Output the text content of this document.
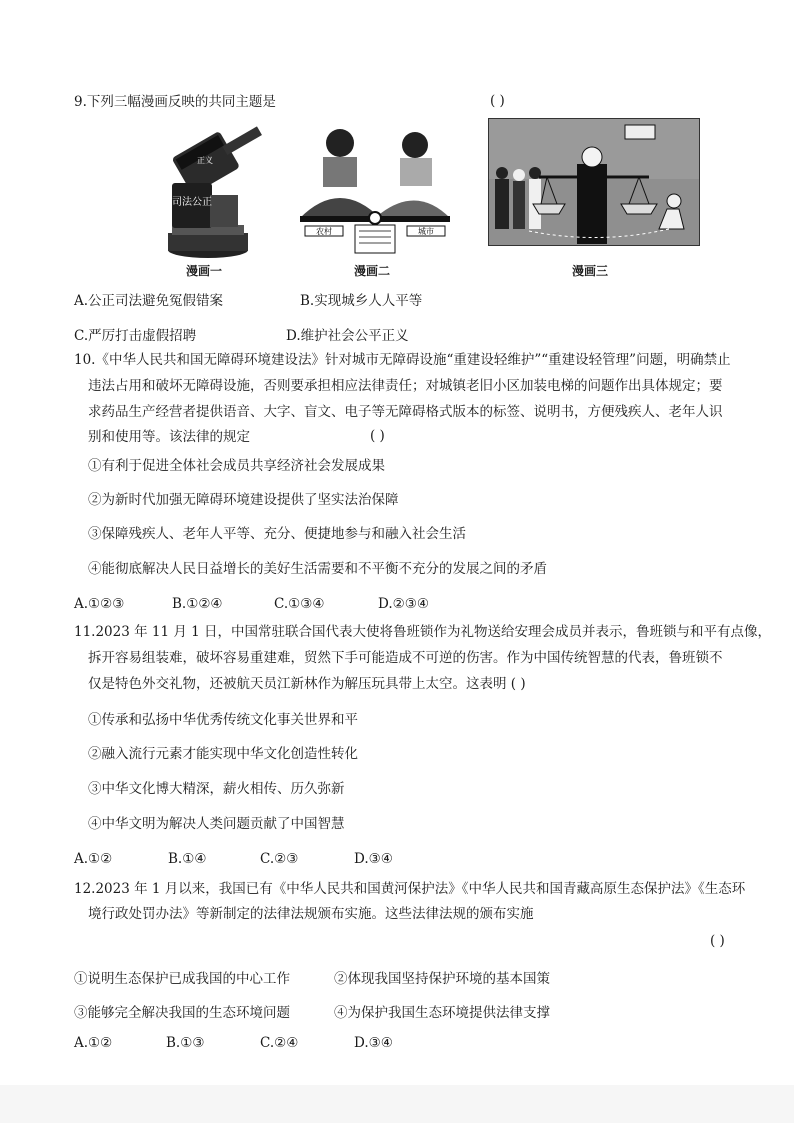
9.下列三幅漫画反映的共同主题是	( )
司法公正
正义
农村	城市
漫画一	漫画二	漫画三
A.公正司法避免冤假错案	B.实现城乡人人平等
C.严厉打击虚假招聘	D.维护社会公平正义
10.《中华人民共和国无障碍环境建设法》针对城市无障碍设施“重建设轻维护”“重建设轻管理”问题，明确禁止
违法占用和破坏无障碍设施，否则要承担相应法律责任；对城镇老旧小区加装电梯的问题作出具体规定；要
求药品生产经营者提供语音、大字、盲文、电子等无障碍格式版本的标签、说明书，方便残疾人、老年人识
别和使用等。该法律的规定	( )
①有利于促进全体社会成员共享经济社会发展成果
②为新时代加强无障碍环境建设提供了坚实法治保障
③保障残疾人、老年人平等、充分、便捷地参与和融入社会生活
④能彻底解决人民日益增长的美好生活需要和不平衡不充分的发展之间的矛盾
A.①②③	B.①②④	C.①③④	D.②③④
11.2023 年 11 月 1 日，中国常驻联合国代表大使将鲁班锁作为礼物送给安理会成员并表示，鲁班锁与和平有点像，
拆开容易组装难，破坏容易重建难，贸然下手可能造成不可逆的伤害。作为中国传统智慧的代表，鲁班锁不
仅是特色外交礼物，还被航天员江新林作为解压玩具带上太空。这表明 ( )
①传承和弘扬中华优秀传统文化事关世界和平
②融入流行元素才能实现中华文化创造性转化
③中华文化博大精深，薪火相传、历久弥新
④中华文明为解决人类问题贡献了中国智慧
A.①②	B.①④	C.②③	D.③④
12.2023 年 1 月以来，我国已有《中华人民共和国黄河保护法》《中华人民共和国青藏高原生态保护法》《生态环
境行政处罚办法》等新制定的法律法规颁布实施。这些法律法规的颁布实施
( )
①说明生态保护已成我国的中心工作	②体现我国坚持保护环境的基本国策
③能够完全解决我国的生态环境问题	④为保护我国生态环境提供法律支撑
A.①②	B.①③	C.②④	D.③④
